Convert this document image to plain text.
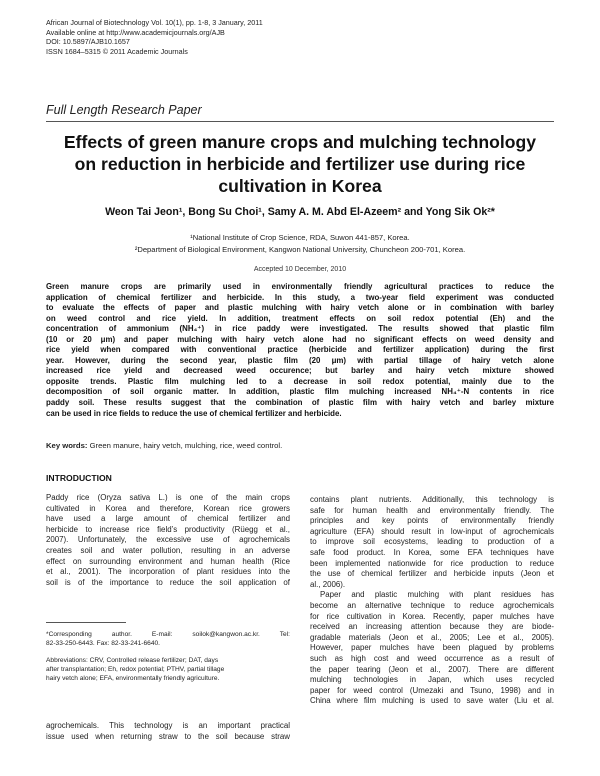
African Journal of Biotechnology Vol. 10(1), pp. 1-8, 3 January, 2011
Available online at http://www.academicjournals.org/AJB
DOI: 10.5897/AJB10.1657
ISSN 1684–5315 © 2011 Academic Journals
Full Length Research Paper
Effects of green manure crops and mulching technology
on reduction in herbicide and fertilizer use during rice
cultivation in Korea
Weon Tai Jeon¹, Bong Su Choi¹, Samy A. M. Abd El-Azeem² and Yong Sik Ok²*
¹National Institute of Crop Science, RDA, Suwon 441-857, Korea.
²Department of Biological Environment, Kangwon National University, Chuncheon 200-701, Korea.
Accepted 10 December, 2010
Green manure crops are primarily used in environmentally friendly agricultural practices to reduce the
application of chemical fertilizer and herbicide. In this study, a two-year field experiment was conducted
to evaluate the effects of paper and plastic mulching with hairy vetch alone or in combination with barley
on weed control and rice yield. In addition, treatment effects on soil redox potential (Eh) and the
concentration of ammonium (NH₄⁺) in rice paddy were investigated. The results showed that plastic film
(10 or 20 μm) and paper mulching with hairy vetch alone had no significant effects on weed density and
rice yield when compared with conventional practice (herbicide and fertilizer application) during the first
year. However, during the second year, plastic film (20 μm) with partial tillage of hairy vetch alone
increased rice yield and decreased weed occurence; but barley and hairy vetch mixture showed
opposite trends. Plastic film mulching led to a decrease in soil redox potential, mainly due to the
decomposition of soil organic matter. In addition, plastic film mulching increased NH₄⁺-N contents in rice
paddy soil. These results suggest that the combination of plastic film with hairy vetch and barley mixture
can be used in rice fields to reduce the use of chemical fertilizer and herbicide.
Key words: Green manure, hairy vetch, mulching, rice, weed control.
INTRODUCTION
Paddy rice (Oryza sativa L.) is one of the main crops
cultivated in Korea and therefore, Korean rice growers
have used a large amount of chemical fertilizer and
herbicide to increase rice field’s productivity (Rüegg et al.,
2007). Unfortunately, the excessive use of agrochemicals
creates soil and water pollution, resulting in an adverse
effect on surrounding environment and human health (Rice
et al., 2001). The incorporation of plant residues into the
soil is of the importance to reduce the soil application of
*Corresponding author. E-mail: soilok@kangwon.ac.kr. Tel:
82-33-250-6443. Fax: 82-33-241-6640.
Abbreviations: CRV, Controlled release fertilizer; DAT, days
after transplantation; Eh, redox potential; PTHV, partial tillage
hairy vetch alone; EFA, environmentally friendly agriculture.
agrochemicals. This technology is an important practical
issue used when returning straw to the soil because straw
contains plant nutrients. Additionally, this technology is
safe for human health and environmentally friendly. The
principles and key points of environmentally friendly
agriculture (EFA) should result in low-input of agrochemicals
to improve soil ecosystems, leading to production of a
safe food product. In Korea, some EFA techniques have
been implemented nationwide for rice production to reduce
the use of chemical fertilizer and herbicide inputs (Jeon et
al., 2006).
Paper and plastic mulching with plant residues has
become an alternative technique to reduce agrochemicals
for rice cultivation in Korea. Recently, paper mulches have
received an increasing attention because they are biode-
gradable materials (Jeon et al., 2005; Lee et al., 2005).
However, paper mulches have been plagued by problems
such as high cost and weed occurrence as a result of
the paper tearing (Jeon et al., 2007). There are different
mulching technologies in Japan, which uses recycled
paper for weed control (Umezaki and Tsuno, 1998) and in
China where film mulching is used to save water (Liu et al.
